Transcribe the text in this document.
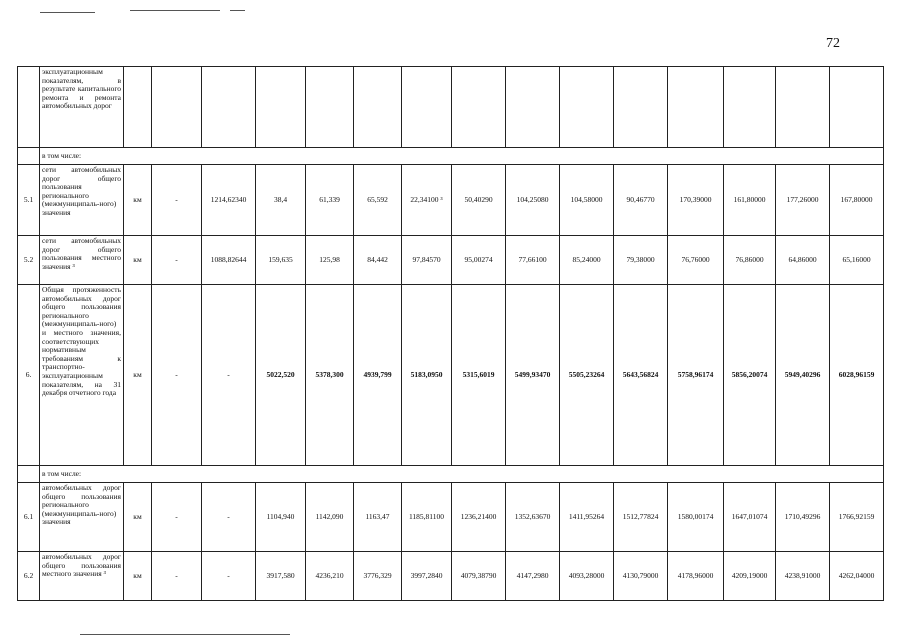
72
	эксплуатационным показателям, в результате капитального ремонта и ремонта автомобильных дорог															
	в том числе:															
5.1	сети автомобильных дорог общего пользования регионального (межмуниципаль-ного) значения	км	-	1214,62340	38,4	61,339	65,592	22,34100 ³	50,40290	104,25080	104,58000	90,46770	170,39000	161,80000	177,26000	167,80000
5.2	сети автомобильных дорог общего пользования местного значения ³	км	-	1088,82644	159,635	125,98	84,442	97,84570	95,00274	77,66100	85,24000	79,38000	76,76000	76,86000	64,86000	65,16000
6.	Общая протяженность автомобильных дорог общего пользования регионального (межмуниципаль-ного) и местного значения, соответствующих нормативным требованиям к транспортно-эксплуатационным показателям, на 31 декабря отчетного года	км	-	-	5022,520	5378,300	4939,799	5183,0950	5315,6019	5499,93470	5505,23264	5643,56824	5758,96174	5856,20074	5949,40296	6028,96159
	в том числе:															
6.1	автомобильных дорог общего пользования регионального (межмуниципаль-ного) значения	км	-	-	1104,940	1142,090	1163,47	1185,81100	1236,21400	1352,63670	1411,95264	1512,77824	1580,00174	1647,01074	1710,49296	1766,92159
6.2	автомобильных дорог общего пользования местного значения ³	км	-	-	3917,580	4236,210	3776,329	3997,2840	4079,38790	4147,2980	4093,28000	4130,79000	4178,96000	4209,19000	4238,91000	4262,04000
